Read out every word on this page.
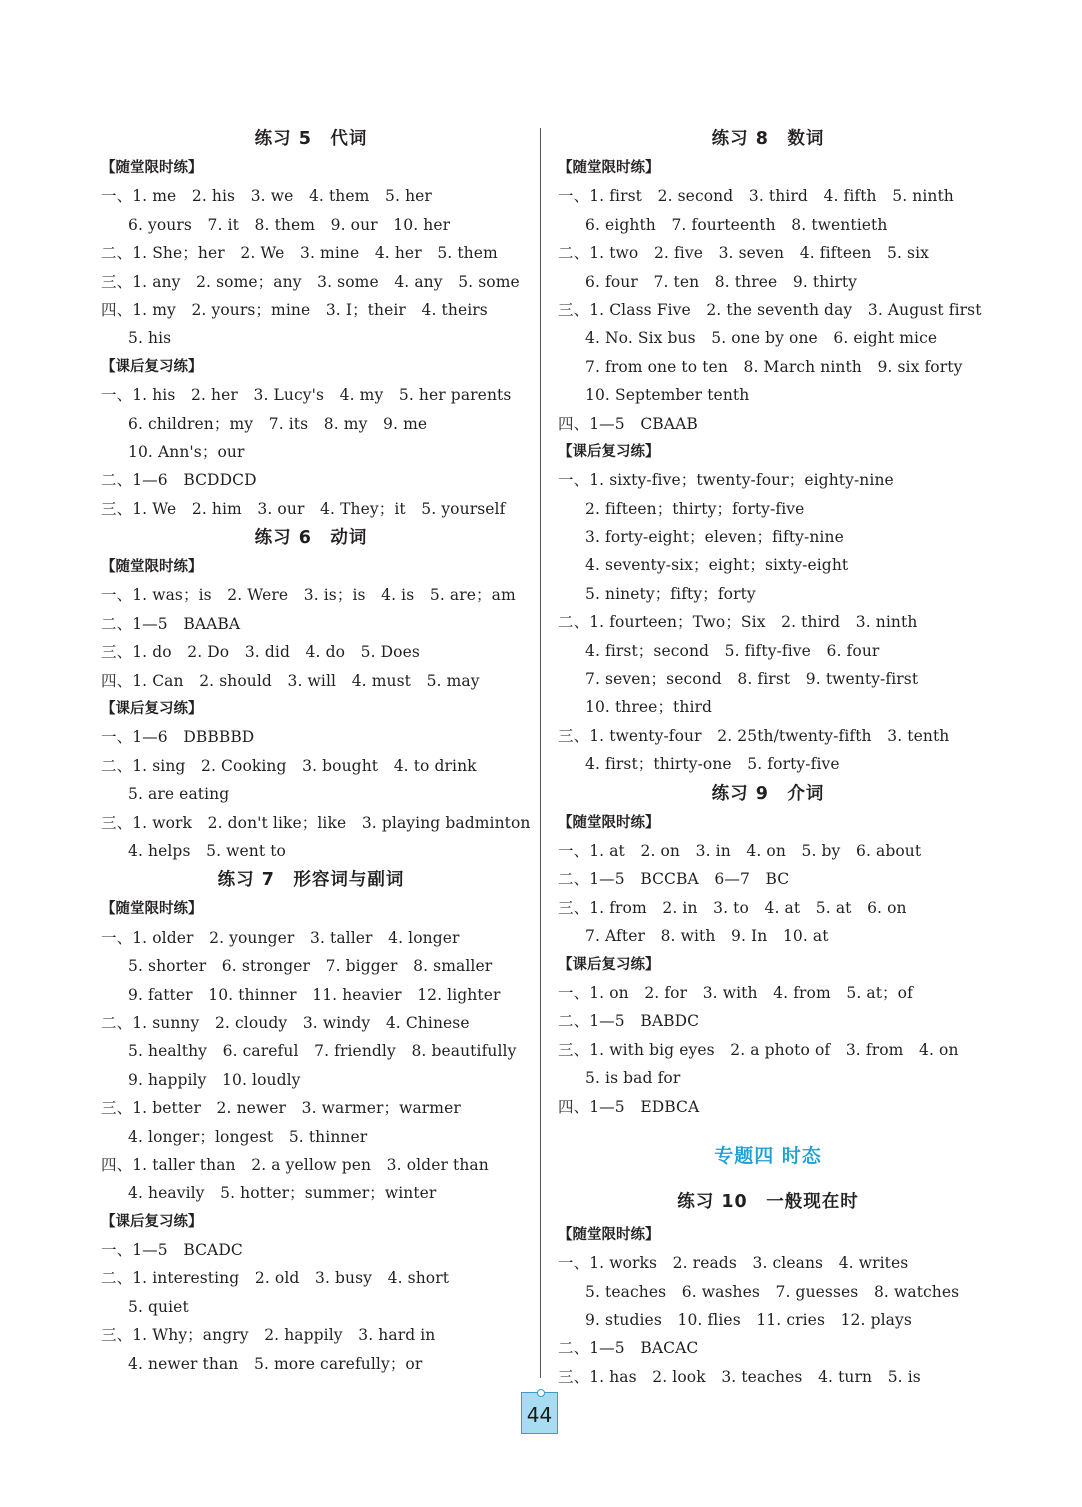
练习 5　代词
【随堂限时练】
一、1. me　2. his　3. we　4. them　5. her
6. yours　7. it　8. them　9. our　10. her
二、1. She；her　2. We　3. mine　4. her　5. them
三、1. any　2. some；any　3. some　4. any　5. some
四、1. my　2. yours；mine　3. I；their　4. theirs
5. his
【课后复习练】
一、1. his　2. her　3. Lucy's　4. my　5. her parents
6. children；my　7. its　8. my　9. me
10. Ann's；our
二、1—6　BCDDCD
三、1. We　2. him　3. our　4. They；it　5. yourself
练习 6　动词
【随堂限时练】
一、1. was；is　2. Were　3. is；is　4. is　5. are；am
二、1—5　BAABA
三、1. do　2. Do　3. did　4. do　5. Does
四、1. Can　2. should　3. will　4. must　5. may
【课后复习练】
一、1—6　DBBBBD
二、1. sing　2. Cooking　3. bought　4. to drink
5. are eating
三、1. work　2. don't like；like　3. playing badminton
4. helps　5. went to
练习 7　形容词与副词
【随堂限时练】
一、1. older　2. younger　3. taller　4. longer
5. shorter　6. stronger　7. bigger　8. smaller
9. fatter　10. thinner　11. heavier　12. lighter
二、1. sunny　2. cloudy　3. windy　4. Chinese
5. healthy　6. careful　7. friendly　8. beautifully
9. happily　10. loudly
三、1. better　2. newer　3. warmer；warmer
4. longer；longest　5. thinner
四、1. taller than　2. a yellow pen　3. older than
4. heavily　5. hotter；summer；winter
【课后复习练】
一、1—5　BCADC
二、1. interesting　2. old　3. busy　4. short
5. quiet
三、1. Why；angry　2. happily　3. hard in
4. newer than　5. more carefully；or
练习 8　数词
【随堂限时练】
一、1. first　2. second　3. third　4. fifth　5. ninth
6. eighth　7. fourteenth　8. twentieth
二、1. two　2. five　3. seven　4. fifteen　5. six
6. four　7. ten　8. three　9. thirty
三、1. Class Five　2. the seventh day　3. August first
4. No. Six bus　5. one by one　6. eight mice
7. from one to ten　8. March ninth　9. six forty
10. September tenth
四、1—5　CBAAB
【课后复习练】
一、1. sixty-five；twenty-four；eighty-nine
2. fifteen；thirty；forty-five
3. forty-eight；eleven；fifty-nine
4. seventy-six；eight；sixty-eight
5. ninety；fifty；forty
二、1. fourteen；Two；Six　2. third　3. ninth
4. first；second　5. fifty-five　6. four
7. seven；second　8. first　9. twenty-first
10. three；third
三、1. twenty-four　2. 25th/twenty-fifth　3. tenth
4. first；thirty-one　5. forty-five
练习 9　介词
【随堂限时练】
一、1. at　2. on　3. in　4. on　5. by　6. about
二、1—5　BCCBA　6—7　BC
三、1. from　2. in　3. to　4. at　5. at　6. on
7. After　8. with　9. In　10. at
【课后复习练】
一、1. on　2. for　3. with　4. from　5. at；of
二、1—5　BABDC
三、1. with big eyes　2. a photo of　3. from　4. on
5. is bad for
四、1—5　EDBCA
专题四 时态
练习 10　一般现在时
【随堂限时练】
一、1. works　2. reads　3. cleans　4. writes
5. teaches　6. washes　7. guesses　8. watches
9. studies　10. flies　11. cries　12. plays
二、1—5　BACAC
三、1. has　2. look　3. teaches　4. turn　5. is
44
